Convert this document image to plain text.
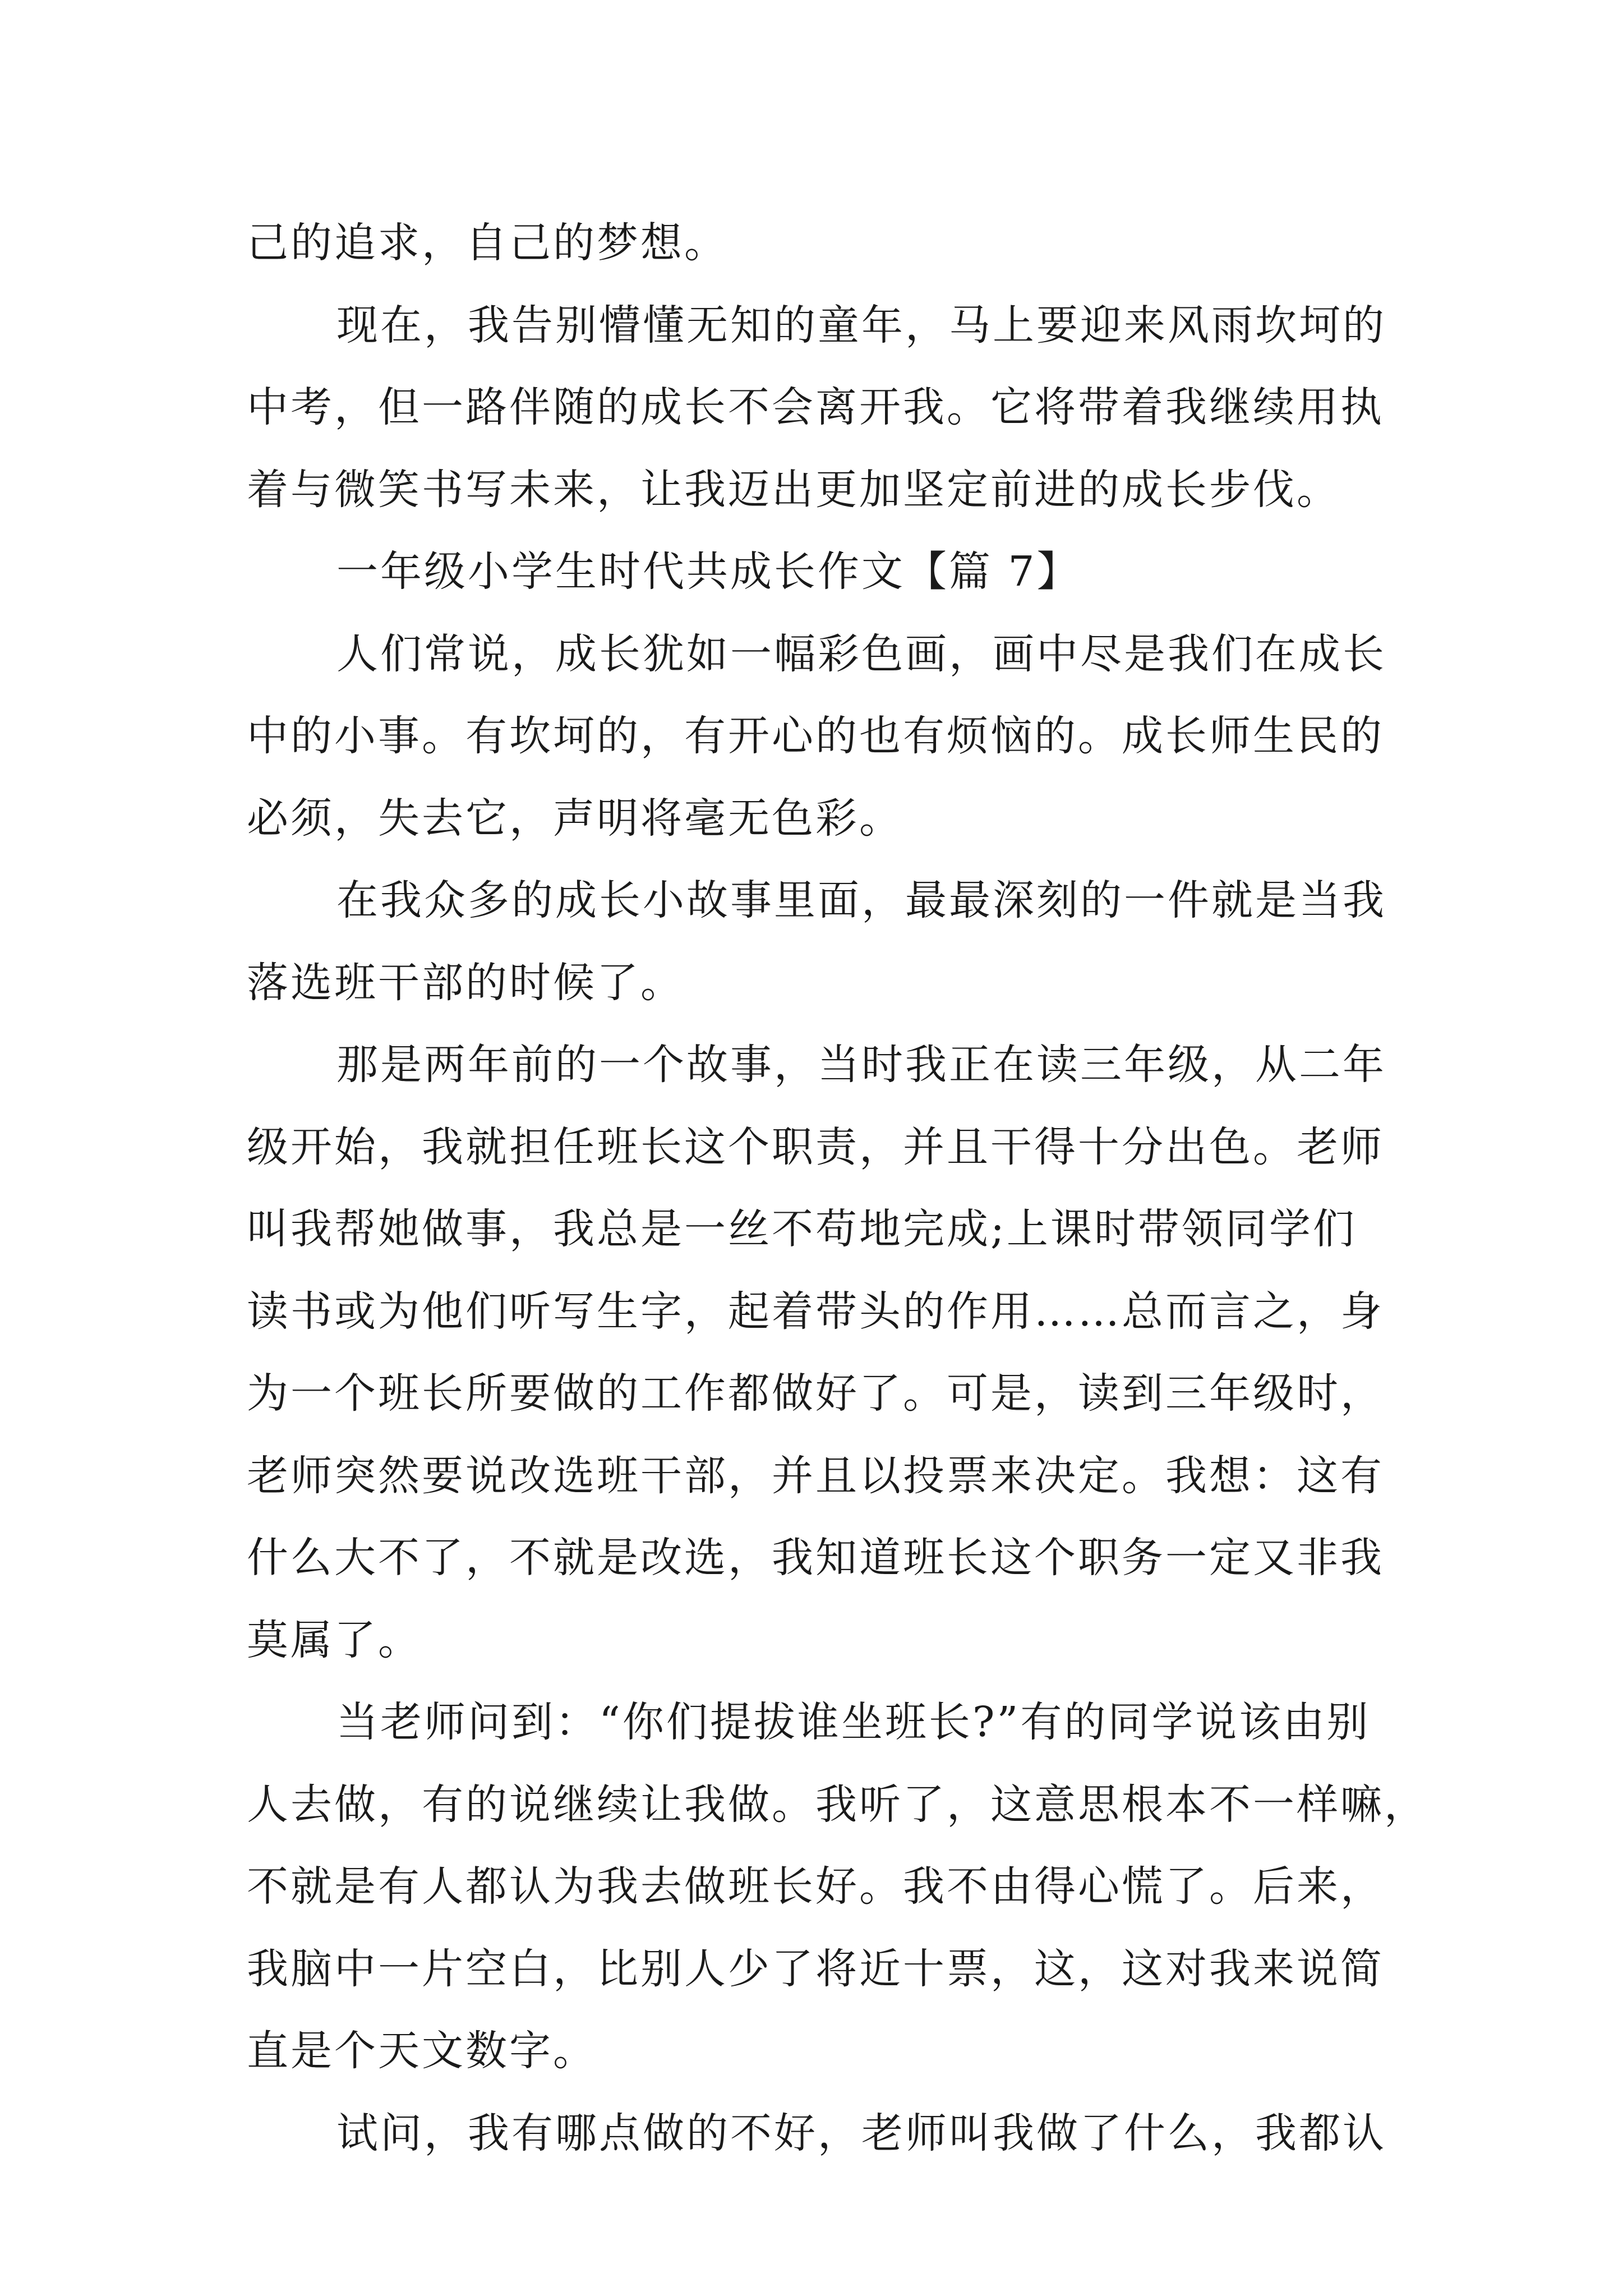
己的追求，自己的梦想。
现在，我告别懵懂无知的童年，马上要迎来风雨坎坷的
中考，但一路伴随的成长不会离开我。它将带着我继续用执
着与微笑书写未来，让我迈出更加坚定前进的成长步伐。
一年级小学生时代共成长作文【篇 7】
人们常说，成长犹如一幅彩色画，画中尽是我们在成长
中的小事。有坎坷的，有开心的也有烦恼的。成长师生民的
必须，失去它，声明将毫无色彩。
在我众多的成长小故事里面，最最深刻的一件就是当我
落选班干部的时候了。
那是两年前的一个故事，当时我正在读三年级，从二年
级开始，我就担任班长这个职责，并且干得十分出色。老师
叫我帮她做事，我总是一丝不苟地完成;上课时带领同学们
读书或为他们听写生字，起着带头的作用……总而言之，身
为一个班长所要做的工作都做好了。可是，读到三年级时，
老师突然要说改选班干部，并且以投票来决定。我想：这有
什么大不了，不就是改选，我知道班长这个职务一定又非我
莫属了。
当老师问到：“你们提拔谁坐班长?”有的同学说该由别
人去做，有的说继续让我做。我听了，这意思根本不一样嘛，
不就是有人都认为我去做班长好。我不由得心慌了。后来，
我脑中一片空白，比别人少了将近十票，这，这对我来说简
直是个天文数字。
试问，我有哪点做的不好，老师叫我做了什么，我都认
